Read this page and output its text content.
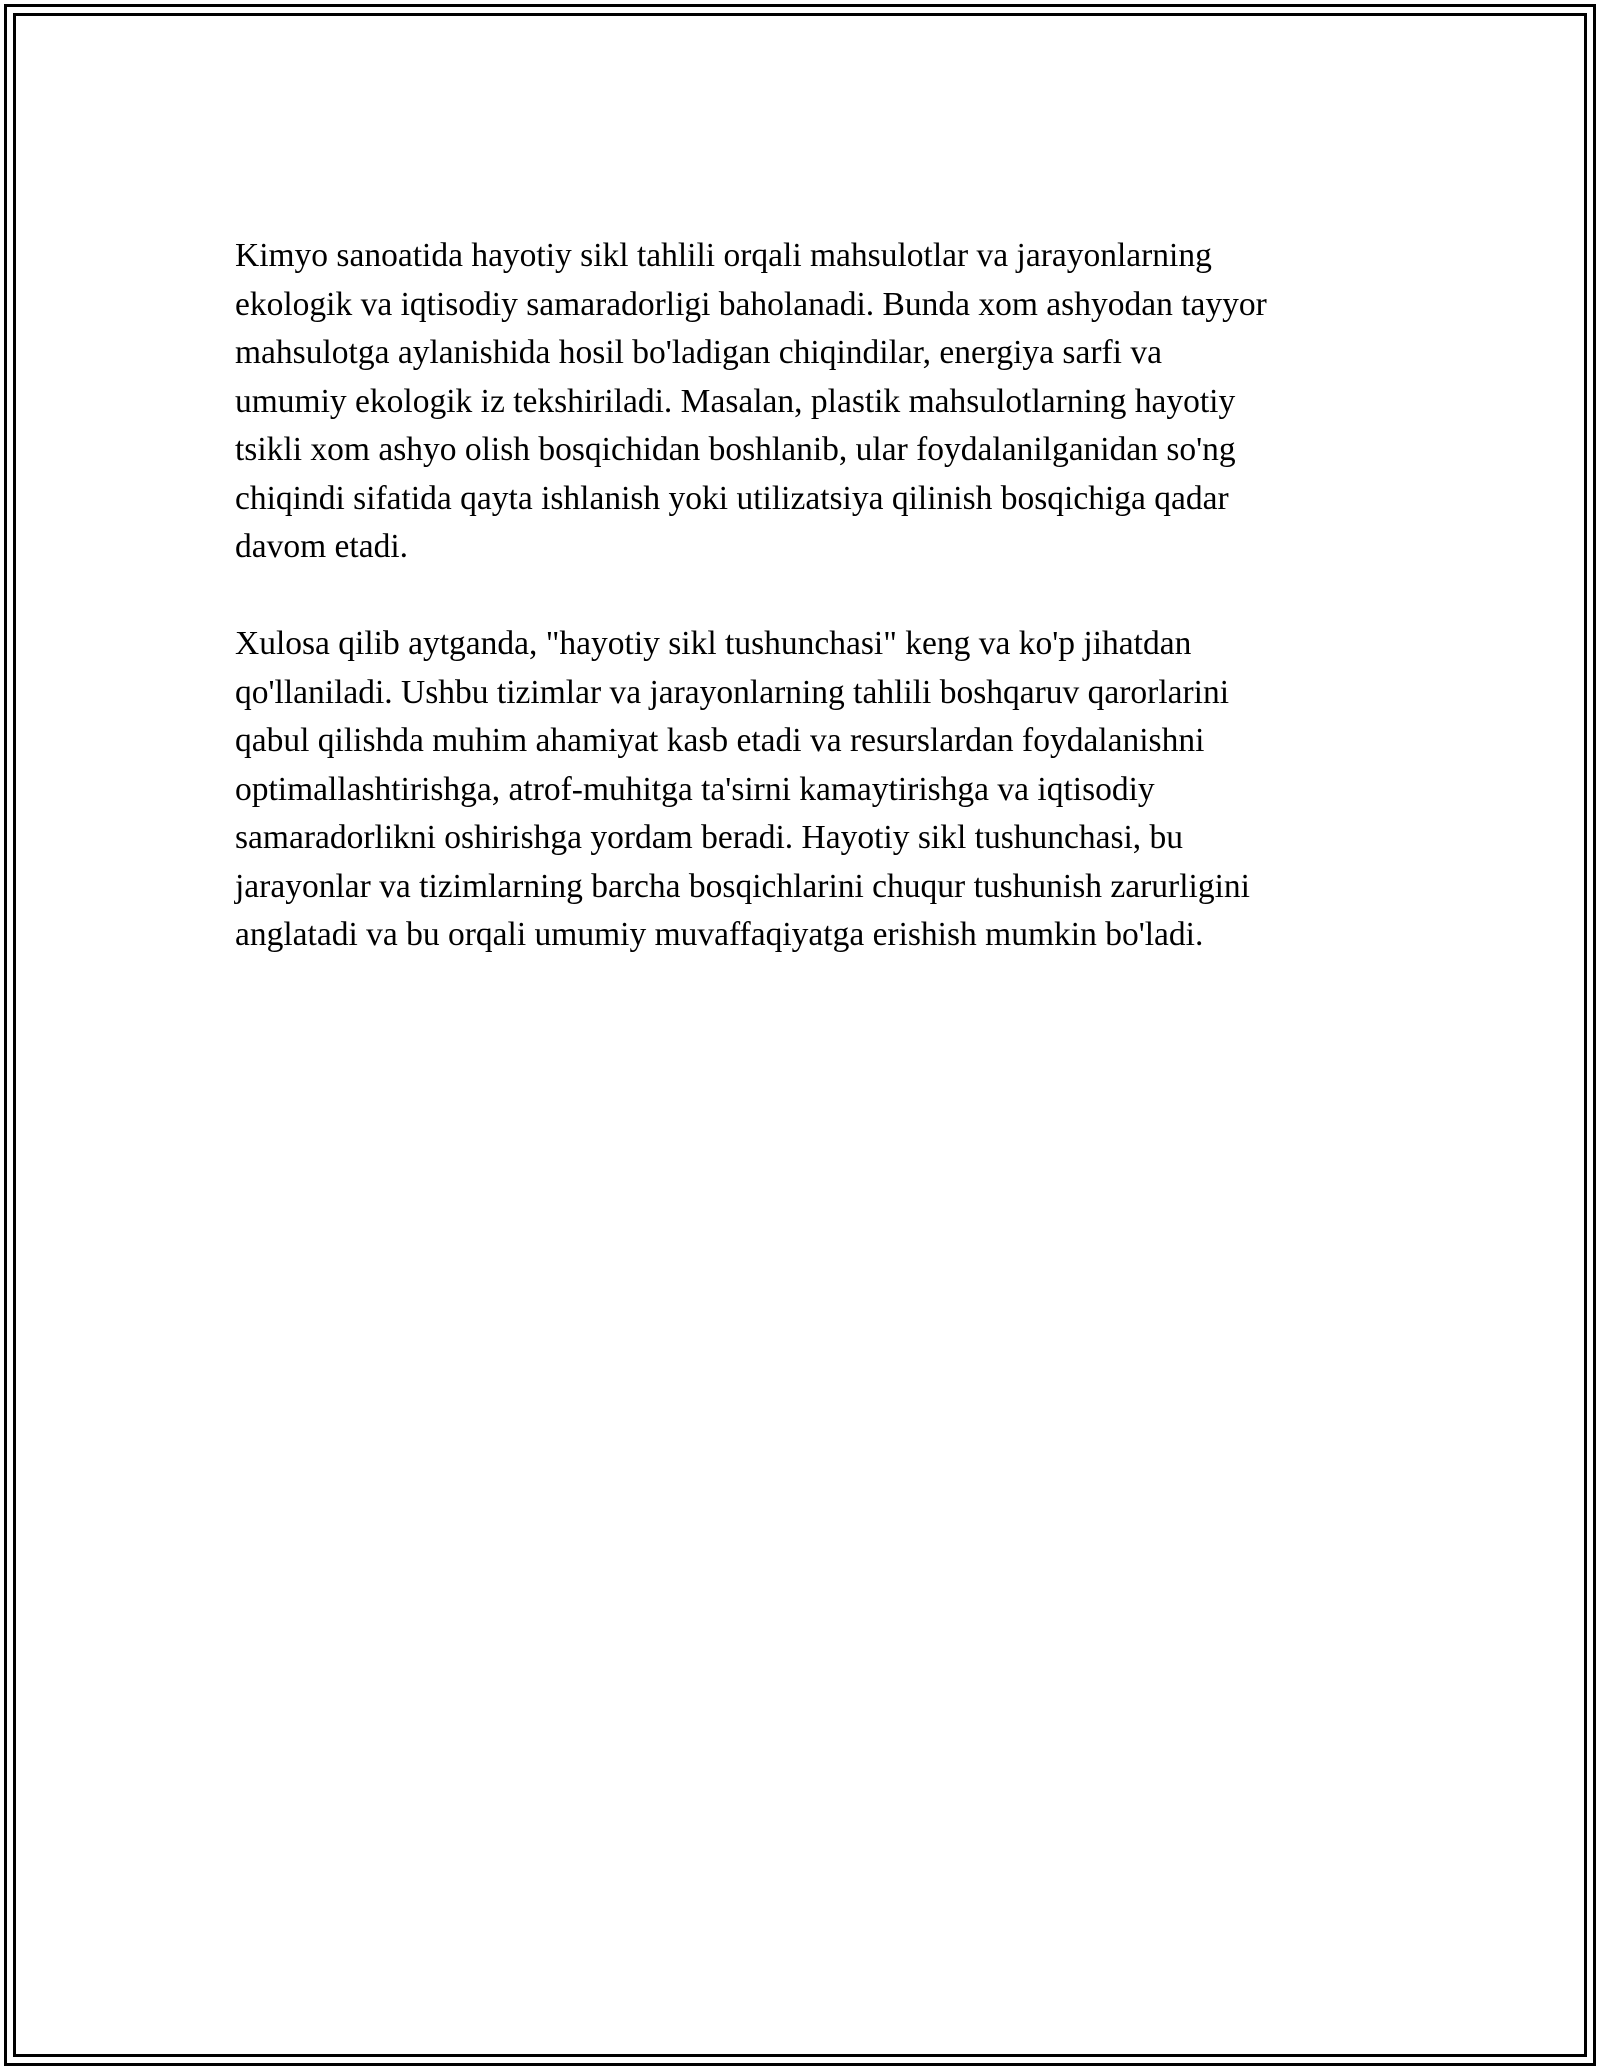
Kimyo sanoatida hayotiy sikl tahlili orqali mahsulotlar va jarayonlarning
ekologik va iqtisodiy samaradorligi baholanadi. Bunda xom ashyodan tayyor
mahsulotga aylanishida hosil bo'ladigan chiqindilar, energiya sarfi va
umumiy ekologik iz tekshiriladi. Masalan, plastik mahsulotlarning hayotiy
tsikli xom ashyo olish bosqichidan boshlanib, ular foydalanilganidan so'ng
chiqindi sifatida qayta ishlanish yoki utilizatsiya qilinish bosqichiga qadar
davom etadi.

Xulosa qilib aytganda, "hayotiy sikl tushunchasi" keng va ko'p jihatdan
qo'llaniladi. Ushbu tizimlar va jarayonlarning tahlili boshqaruv qarorlarini
qabul qilishda muhim ahamiyat kasb etadi va resurslardan foydalanishni
optimallashtirishga, atrof-muhitga ta'sirni kamaytirishga va iqtisodiy
samaradorlikni oshirishga yordam beradi. Hayotiy sikl tushunchasi, bu
jarayonlar va tizimlarning barcha bosqichlarini chuqur tushunish zarurligini
anglatadi va bu orqali umumiy muvaffaqiyatga erishish mumkin bo'ladi.
